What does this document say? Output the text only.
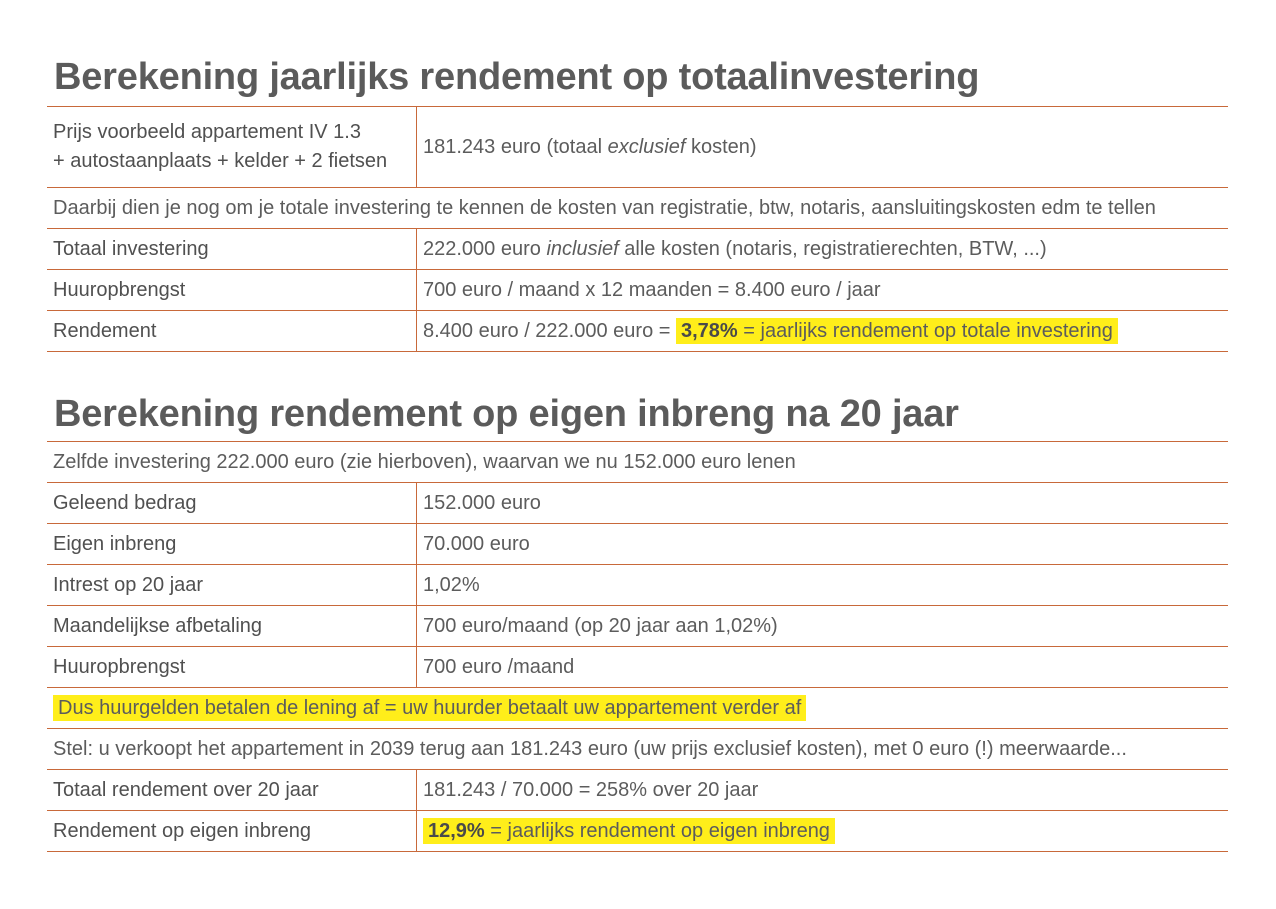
Berekening jaarlijks rendement op totaalinvestering
Prijs voorbeeld appartement IV 1.3
+ autostaanplaats + kelder + 2 fietsen	181.243 euro (totaal exclusief kosten)
Daarbij dien je nog om je totale investering te kennen de kosten van registratie, btw, notaris, aansluitingskosten edm te tellen	
Totaal investering	222.000 euro inclusief alle kosten (notaris, registratierechten, BTW, ...)
Huuropbrengst	700 euro / maand x 12 maanden = 8.400 euro / jaar
Rendement	8.400 euro / 222.000 euro = 3,78% = jaarlijks rendement op totale investering
Berekening rendement op eigen inbreng na 20 jaar
Zelfde investering 222.000 euro (zie hierboven), waarvan we nu 152.000 euro lenen	
Geleend bedrag	152.000 euro
Eigen inbreng	70.000 euro
Intrest op 20 jaar	1,02%
Maandelijkse afbetaling	700 euro/maand (op 20 jaar aan 1,02%)
Huuropbrengst	700 euro /maand
Dus huurgelden betalen de lening af = uw huurder betaalt uw appartement verder af	
Stel: u verkoopt het appartement in 2039 terug aan 181.243 euro (uw prijs exclusief kosten), met 0 euro (!) meerwaarde...	
Totaal rendement over 20 jaar	181.243 / 70.000 = 258% over 20 jaar
Rendement op eigen inbreng	12,9% = jaarlijks rendement op eigen inbreng
